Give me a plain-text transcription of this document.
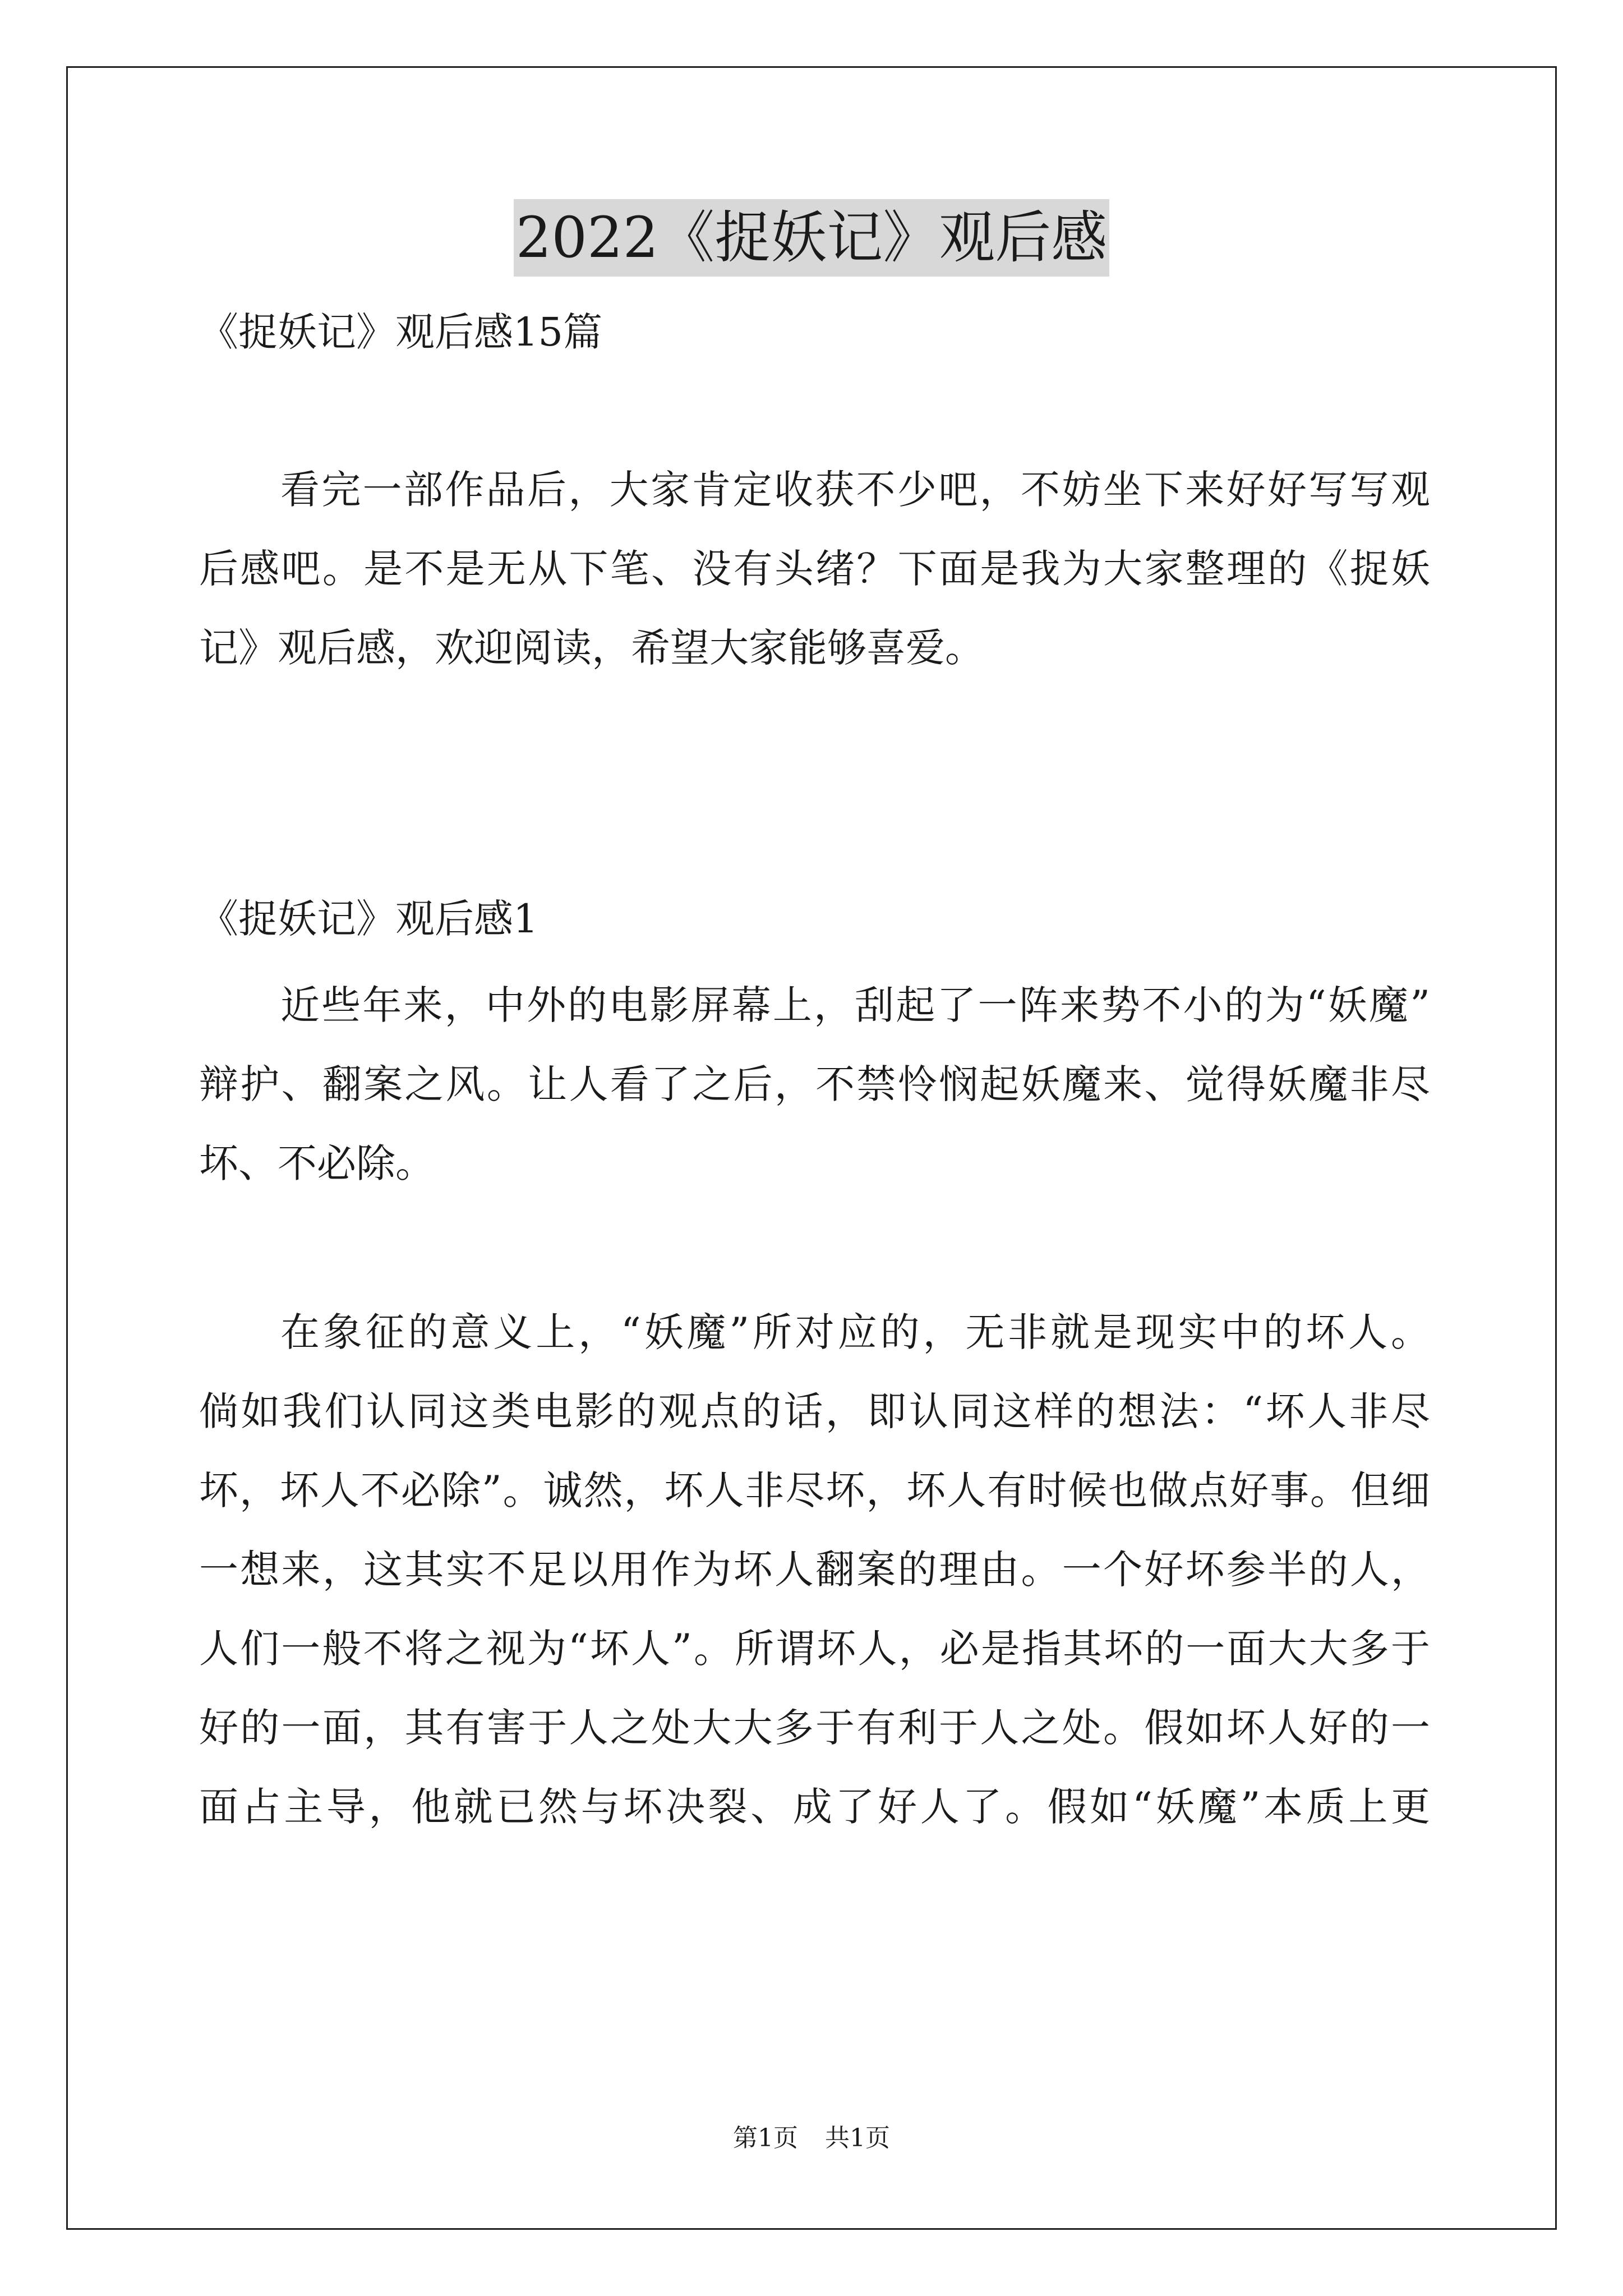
2022《捉妖记》观后感
《捉妖记》观后感15篇
看完一部作品后，大家肯定收获不少吧，不妨坐下来好好写写观
后感吧。是不是无从下笔、没有头绪？下面是我为大家整理的《捉妖
记》观后感，欢迎阅读，希望大家能够喜爱。
《捉妖记》观后感1
近些年来，中外的电影屏幕上，刮起了一阵来势不小的为“妖魔”
辩护、翻案之风。让人看了之后，不禁怜悯起妖魔来、觉得妖魔非尽
坏、不必除。
在象征的意义上，“妖魔”所对应的，无非就是现实中的坏人。
倘如我们认同这类电影的观点的话，即认同这样的想法：“坏人非尽
坏，坏人不必除”。诚然，坏人非尽坏，坏人有时候也做点好事。但细
一想来，这其实不足以用作为坏人翻案的理由。一个好坏参半的人，
人们一般不将之视为“坏人”。所谓坏人，必是指其坏的一面大大多于
好的一面，其有害于人之处大大多于有利于人之处。假如坏人好的一
面占主导，他就已然与坏决裂、成了好人了。假如“妖魔”本质上更
第1页 共1页
